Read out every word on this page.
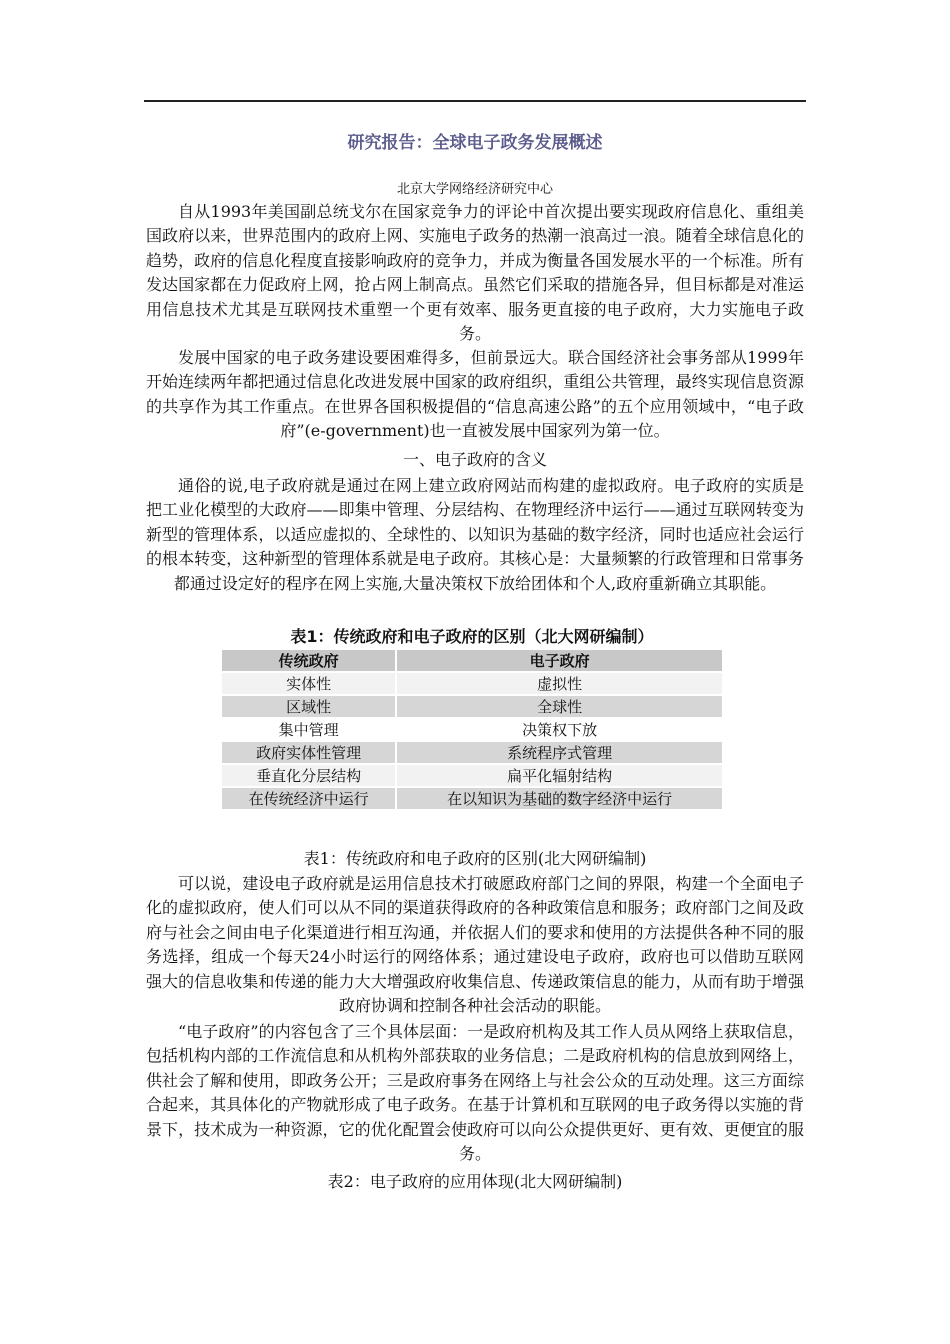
研究报告：全球电子政务发展概述
北京大学网络经济研究中心

自从1993年美国副总统戈尔在国家竞争力的评论中首次提出要实现政府信息化、重组美国政府以来，世界范围内的政府上网、实施电子政务的热潮一浪高过一浪。随着全球信息化的趋势，政府的信息化程度直接影响政府的竞争力，并成为衡量各国发展水平的一个标准。所有发达国家都在力促政府上网，抢占网上制高点。虽然它们采取的措施各异，但目标都是对准运用信息技术尤其是互联网技术重塑一个更有效率、服务更直接的电子政府，大力实施电子政务。

发展中国家的电子政务建设要困难得多，但前景远大。联合国经济社会事务部从1999年开始连续两年都把通过信息化改进发展中国家的政府组织，重组公共管理，最终实现信息资源的共享作为其工作重点。在世界各国积极提倡的“信息高速公路”的五个应用领域中，“电子政府”(e-government)也一直被发展中国家列为第一位。

一、电子政府的含义

通俗的说,电子政府就是通过在网上建立政府网站而构建的虚拟政府。电子政府的实质是把工业化模型的大政府——即集中管理、分层结构、在物理经济中运行——通过互联网转变为新型的管理体系，以适应虚拟的、全球性的、以知识为基础的数字经济，同时也适应社会运行的根本转变，这种新型的管理体系就是电子政府。其核心是：大量频繁的行政管理和日常事务都通过设定好的程序在网上实施,大量决策权下放给团体和个人,政府重新确立其职能。

表1：传统政府和电子政府的区别（北大网研编制）
传统政府	电子政府
实体性	虚拟性
区域性	全球性
集中管理	决策权下放
政府实体性管理	系统程序式管理
垂直化分层结构	扁平化辐射结构
在传统经济中运行	在以知识为基础的数字经济中运行
表1：传统政府和电子政府的区别(北大网研编制)

可以说，建设电子政府就是运用信息技术打破愿政府部门之间的界限，构建一个全面电子化的虚拟政府，使人们可以从不同的渠道获得政府的各种政策信息和服务；政府部门之间及政府与社会之间由电子化渠道进行相互沟通，并依据人们的要求和使用的方法提供各种不同的服务选择，组成一个每天24小时运行的网络体系；通过建设电子政府，政府也可以借助互联网强大的信息收集和传递的能力大大增强政府收集信息、传递政策信息的能力，从而有助于增强政府协调和控制各种社会活动的职能。

“电子政府”的内容包含了三个具体层面：一是政府机构及其工作人员从网络上获取信息，包括机构内部的工作流信息和从机构外部获取的业务信息；二是政府机构的信息放到网络上，供社会了解和使用，即政务公开；三是政府事务在网络上与社会公众的互动处理。这三方面综合起来，其具体化的产物就形成了电子政务。在基于计算机和互联网的电子政务得以实施的背景下，技术成为一种资源，它的优化配置会使政府可以向公众提供更好、更有效、更便宜的服务。

表2：电子政府的应用体现(北大网研编制)
